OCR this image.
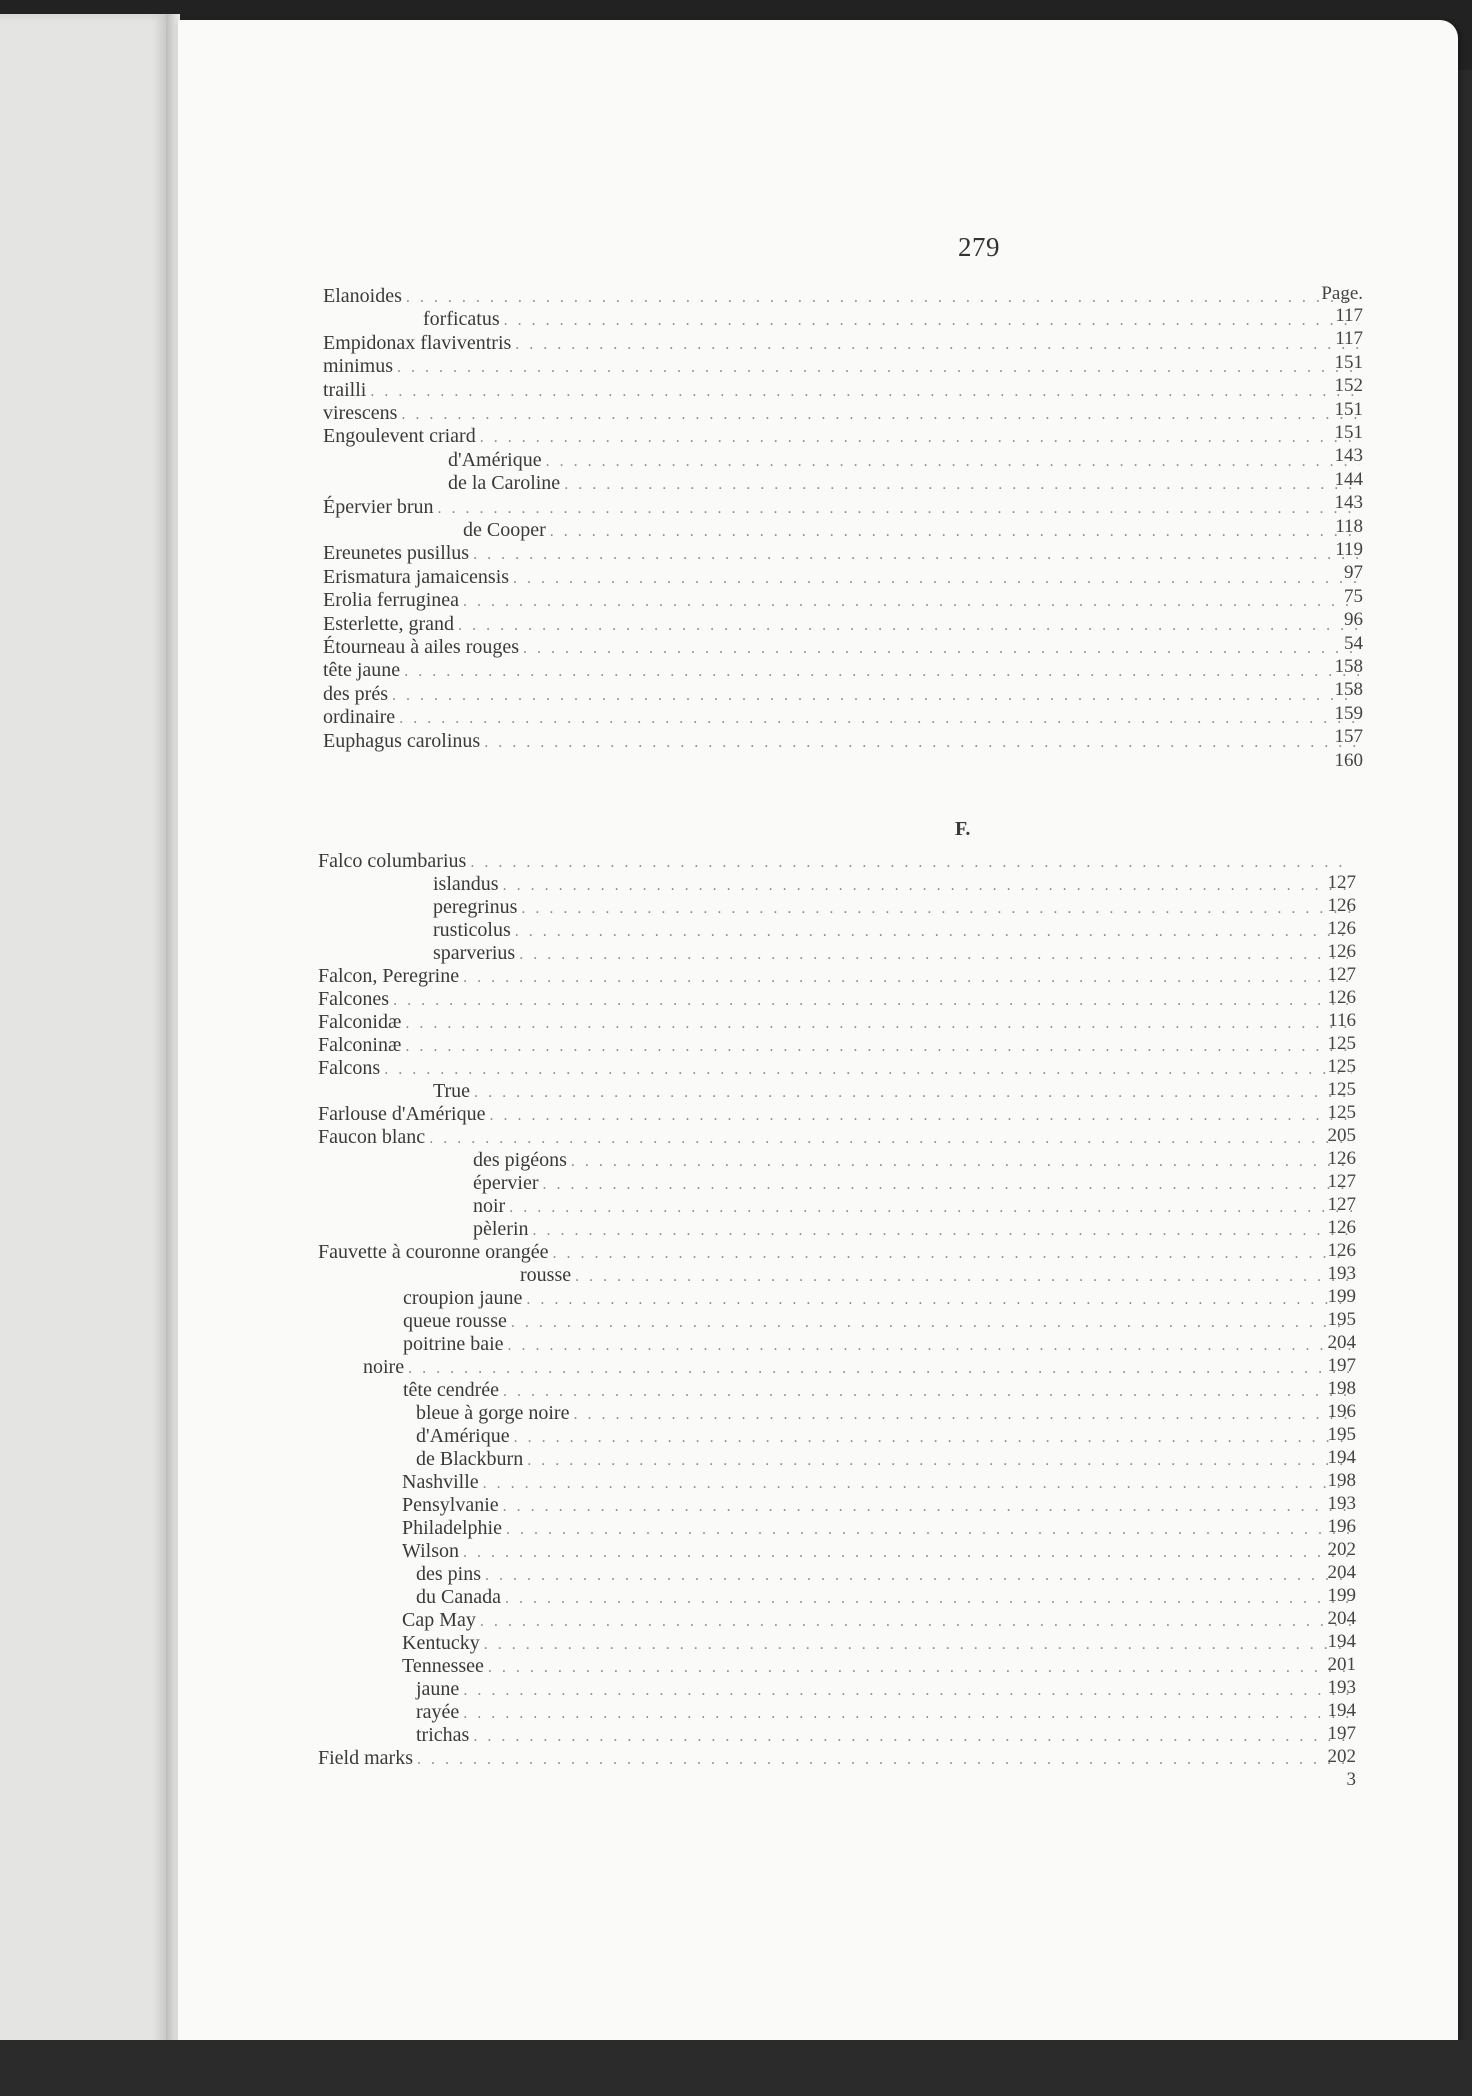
279
F.
Elanoides
. . .
forficatus
. . .
Empidonax flaviventris
. . .
minimus
. . .
trailli
. . .
virescens
. . .
Engoulevent criard
. . .
d'Amérique
. . .
de la Caroline
. . .
Épervier brun
. . .
de Cooper
. . .
Ereunetes pusillus
. . .
Erismatura jamaicensis
. . .
Erolia ferruginea
. . .
Esterlette, grand
. . .
Étourneau à ailes rouges
. . .
tête jaune
. . .
des prés
. . .
ordinaire
. . .
Euphagus carolinus
. . .
Falco columbarius
. . .
islandus
. . .
peregrinus
. . .
rusticolus
. . .
sparverius
. . .
Falcon, Peregrine
. . .
Falcones
. . .
Falconidæ
. . .
Falconinæ
. . .
Falcons
. . .
True
. . .
Farlouse d'Amérique
. . .
Faucon blanc
. . .
des pigéons
. . .
épervier
. . .
noir
. . .
pèlerin
. . .
Fauvette à couronne orangée
. . .
rousse
. . .
croupion jaune
. . .
queue rousse
. . .
poitrine baie
. . .
noire
. . .
tête cendrée
. . .
bleue à gorge noire
. . .
d'Amérique
. . .
de Blackburn
. . .
Nashville
. . .
Pensylvanie
. . .
Philadelphie
. . .
Wilson
. . .
des pins
. . .
du Canada
. . .
Cap May
. . .
Kentucky
. . .
Tennessee
. . .
jaune
. . .
rayée
. . .
trichas
. . .
Field marks
. . .
117
117
151
152
151
151
143
144
143
118
119
97
75
96
54
158
158
159
157
160
127
126
126
126
127
126
116
125
125
125
125
205
126
127
127
126
126
193
199
195
204
197
198
196
195
194
198
193
196
202
204
199
204
194
201
193
194
197
202
3
Page.
